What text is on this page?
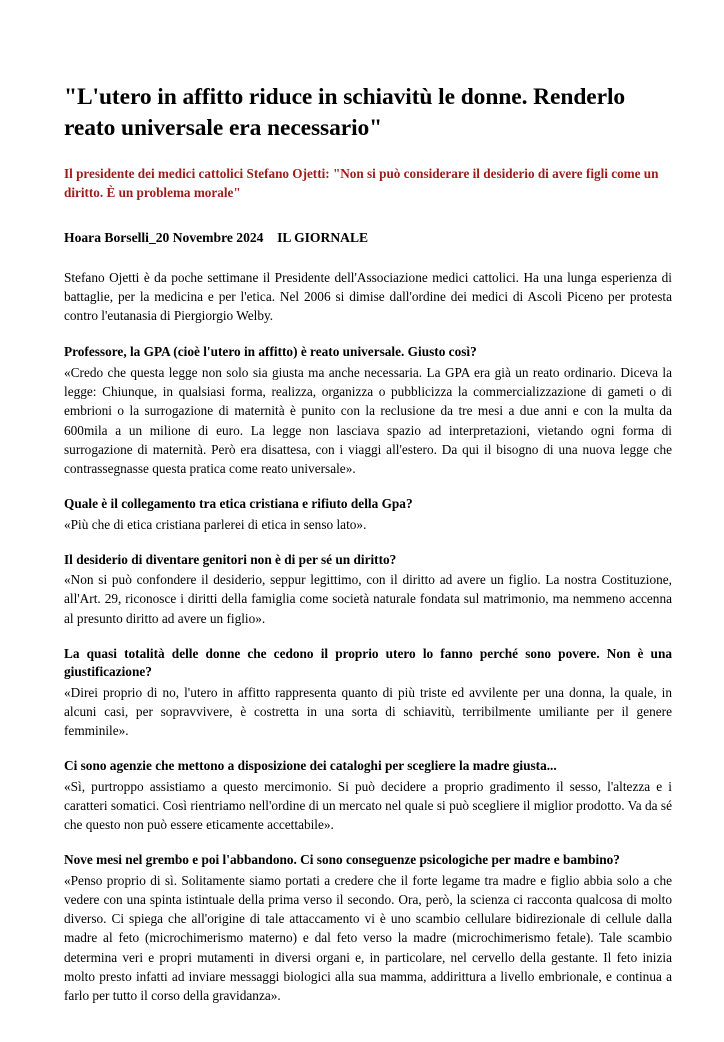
"L'utero in affitto riduce in schiavitù le donne. Renderlo reato universale era necessario"

Il presidente dei medici cattolici Stefano Ojetti: "Non si può considerare il desiderio di avere figli come un diritto. È un problema morale"

Hoara Borselli_20 Novembre 2024    IL GIORNALE

Stefano Ojetti è da poche settimane il Presidente dell'Associazione medici cattolici. Ha una lunga esperienza di battaglie, per la medicina e per l'etica. Nel 2006 si dimise dall'ordine dei medici di Ascoli Piceno per protesta contro l'eutanasia di Piergiorgio Welby.

Professore, la GPA (cioè l'utero in affitto) è reato universale. Giusto così?

«Credo che questa legge non solo sia giusta ma anche necessaria. La GPA era già un reato ordinario. Diceva la legge: Chiunque, in qualsiasi forma, realizza, organizza o pubblicizza la commercializzazione di gameti o di embrioni o la surrogazione di maternità è punito con la reclusione da tre mesi a due anni e con la multa da 600mila a un milione di euro. La legge non lasciava spazio ad interpretazioni, vietando ogni forma di surrogazione di maternità. Però era disattesa, con i viaggi all'estero. Da qui il bisogno di una nuova legge che contrassegnasse questa pratica come reato universale».

Quale è il collegamento tra etica cristiana e rifiuto della Gpa?

«Più che di etica cristiana parlerei di etica in senso lato».

Il desiderio di diventare genitori non è di per sé un diritto?

«Non si può confondere il desiderio, seppur legittimo, con il diritto ad avere un figlio. La nostra Costituzione, all'Art. 29, riconosce i diritti della famiglia come società naturale fondata sul matrimonio, ma nemmeno accenna al presunto diritto ad avere un figlio».

La quasi totalità delle donne che cedono il proprio utero lo fanno perché sono povere. Non è una giustificazione?

«Direi proprio di no, l'utero in affitto rappresenta quanto di più triste ed avvilente per una donna, la quale, in alcuni casi, per sopravvivere, è costretta in una sorta di schiavitù, terribilmente umiliante per il genere femminile».

Ci sono agenzie che mettono a disposizione dei cataloghi per scegliere la madre giusta...

«Sì, purtroppo assistiamo a questo mercimonio. Si può decidere a proprio gradimento il sesso, l'altezza e i caratteri somatici. Così rientriamo nell'ordine di un mercato nel quale si può scegliere il miglior prodotto. Va da sé che questo non può essere eticamente accettabile».

Nove mesi nel grembo e poi l'abbandono. Ci sono conseguenze psicologiche per madre e bambino?

«Penso proprio di sì. Solitamente siamo portati a credere che il forte legame tra madre e figlio abbia solo a che vedere con una spinta istintuale della prima verso il secondo. Ora, però, la scienza ci racconta qualcosa di molto diverso. Ci spiega che all'origine di tale attaccamento vi è uno scambio cellulare bidirezionale di cellule dalla madre al feto (microchimerismo materno) e dal feto verso la madre (microchimerismo fetale). Tale scambio determina veri e propri mutamenti in diversi organi e, in particolare, nel cervello della gestante. Il feto inizia molto presto infatti ad inviare messaggi biologici alla sua mamma, addirittura a livello embrionale, e continua a farlo per tutto il corso della gravidanza».
